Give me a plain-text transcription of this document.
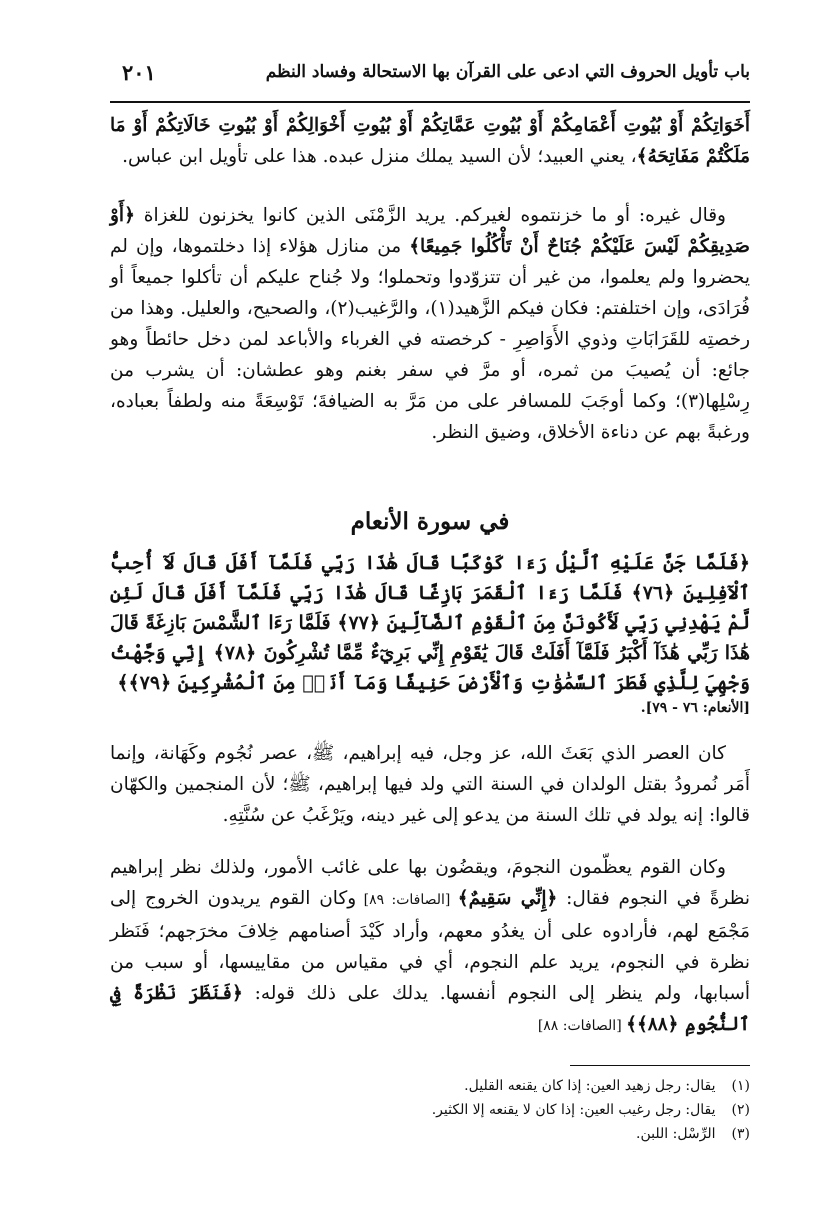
باب تأويل الحروف التي ادعى على القرآن بها الاستحالة وفساد النظم
٢٠١

أَخَوَاتِكُمْ أَوْ بُيُوتِ أَعْمَامِكُمْ أَوْ بُيُوتِ عَمَّاتِكُمْ أَوْ بُيُوتِ أَخْوَالِكُمْ أَوْ بُيُوتِ خَالَاتِكُمْ أَوْ مَا مَلَكْتُمْ مَفَاتِحَهُ﴾، يعني العبيد؛ لأن السيد يملك منزل عبده. هذا على تأويل ابن عباس.

وقال غيره: أو ما خزنتموه لغيركم. يريد الزَّمْنَى الذين كانوا يخزنون للغزاة ﴿أَوْ صَدِيقِكُمْ لَيْسَ عَلَيْكُمْ جُنَاحٌ أَنْ تَأْكُلُوا جَمِيعًا﴾ من منازل هؤلاء إذا دخلتموها، وإن لم يحضروا ولم يعلموا، من غير أن تتزوّدوا وتحملوا؛ ولا جُناح عليكم أن تأكلوا جميعاً أو فُرَادَى، وإن اختلفتم: فكان فيكم الزَّهيد(١)، والرَّغيب(٢)، والصحيح، والعليل. وهذا من رخصتِه للقَرَابَاتِ وذوي الأَوَاصِرِ - كرخصته في الغرباء والأباعد لمن دخل حائطاً وهو جائع: أن يُصيبَ من ثمره، أو مرَّ في سفر بغنم وهو عطشان: أن يشرب من رِسْلِها(٣)؛ وكما أوجَبَ للمسافر على من مَرَّ به الضيافةَ؛ تَوْسِعَةً منه ولطفاً بعباده، ورغبةً بهم عن دناءة الأخلاق، وضيق النظر.

في سورة الأنعام

﴿فَلَمَّا جَنَّ عَلَيْهِ ٱلَّيْلُ رَءَا كَوْكَبًا قَالَ هَٰذَا رَبِّي فَلَمَّآ أَفَلَ قَالَ لَآ أُحِبُّ ٱلْآفِلِينَ ﴿٧٦﴾ فَلَمَّا رَءَا ٱلْقَمَرَ بَازِغًا قَالَ هَٰذَا رَبِّي فَلَمَّآ أَفَلَ قَالَ لَئِن لَّمْ يَهْدِنِي رَبِّي لَأَكُونَنَّ مِنَ ٱلْقَوْمِ ٱلضَّآلِّينَ ﴿٧٧﴾ فَلَمَّا رَءَا ٱلشَّمْسَ بَازِغَةً قَالَ هَٰذَا رَبِّي هَٰذَآ أَكْبَرُ فَلَمَّآ أَفَلَتْ قَالَ يَٰقَوْمِ إِنِّي بَرِيٓءٌ مِّمَّا تُشْرِكُونَ ﴿٧٨﴾ إِنِّي وَجَّهْتُ وَجْهِيَ لِلَّذِي فَطَرَ ٱلسَّمَٰوَٰتِ وَٱلْأَرْضَ حَنِيفًا وَمَآ أَنَا۠ مِنَ ٱلْمُشْرِكِينَ ﴿٧٩﴾﴾

[الأنعام: ٧٦ - ٧٩].

كان العصر الذي بَعَثَ الله، عز وجل، فيه إبراهيم، ﷺ، عصر نُجُوم وكَهَانة، وإنما أَمَر نُمرودُ بقتل الولدان في السنة التي ولد فيها إبراهيم، ﷺ؛ لأن المنجمين والكهّان قالوا: إنه يولد في تلك السنة من يدعو إلى غير دينه، ويَرْغَبُ عن سُنَّتِهِ.

وكان القوم يعظّمون النجومَ، ويقضُون بها على غائب الأمور، ولذلك نظر إبراهيم نظرةً في النجوم فقال: ﴿إِنِّي سَقِيمٌ﴾ [الصافات: ٨٩] وكان القوم يريدون الخروج إلى مَجْمَع لهم، فأرادوه على أن يغدُو معهم، وأراد كَيْدَ أصنامهم خِلافَ مخرَجهم؛ فَنَظر نظرة في النجوم، يريد علم النجوم، أي في مقياس من مقاييسها، أو سبب من أسبابها، ولم ينظر إلى النجوم أنفسها. يدلك على ذلك قوله: ﴿فَنَظَرَ نَظْرَةً فِي ٱلنُّجُومِ ﴿٨٨﴾﴾ [الصافات: ٨٨]

(١) يقال: رجل زهيد العين: إذا كان يقنعه القليل.
(٢) يقال: رجل رغيب العين: إذا كان لا يقنعه إلا الكثير.
(٣) الرِّسْل: اللبن.
